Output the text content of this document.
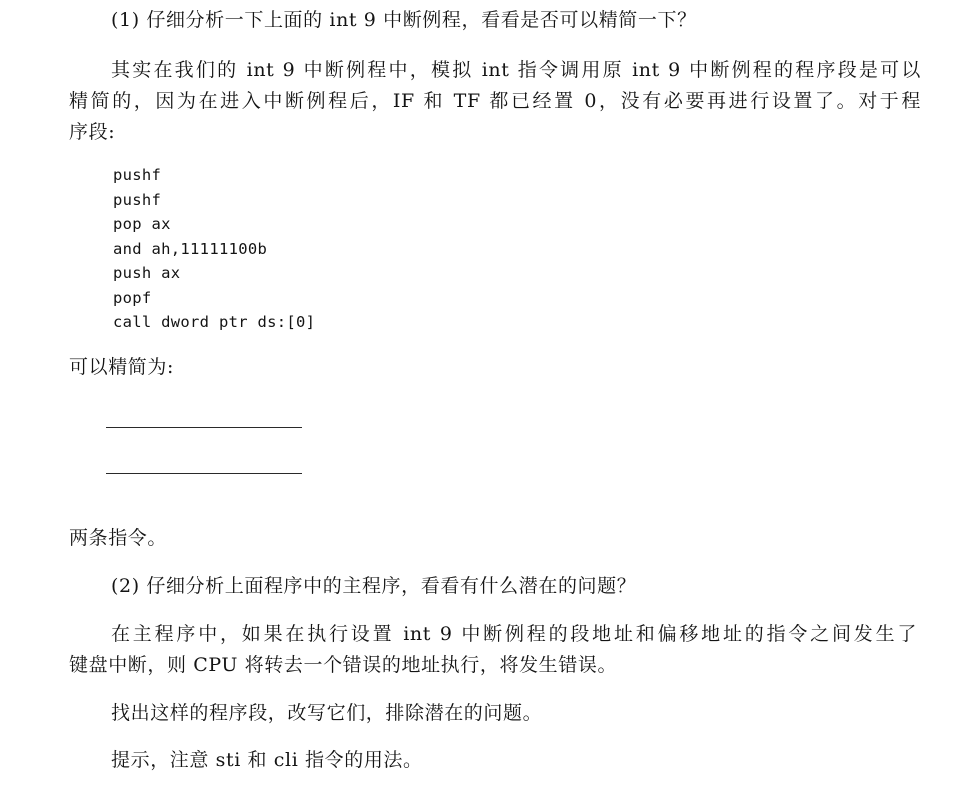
(1) 仔细分析一下上面的 int 9 中断例程，看看是否可以精简一下？
其实在我们的 int 9 中断例程中，模拟 int 指令调用原 int 9 中断例程的程序段是可以
精简的，因为在进入中断例程后，IF 和 TF 都已经置 0，没有必要再进行设置了。对于程
序段:
pushf
pushf
pop ax
and ah,11111100b
push ax
popf
call dword ptr ds:[0]
可以精简为:
两条指令。
(2) 仔细分析上面程序中的主程序，看看有什么潜在的问题？
在主程序中，如果在执行设置 int 9 中断例程的段地址和偏移地址的指令之间发生了
键盘中断，则 CPU 将转去一个错误的地址执行，将发生错误。
找出这样的程序段，改写它们，排除潜在的问题。
提示，注意 sti 和 cli 指令的用法。
